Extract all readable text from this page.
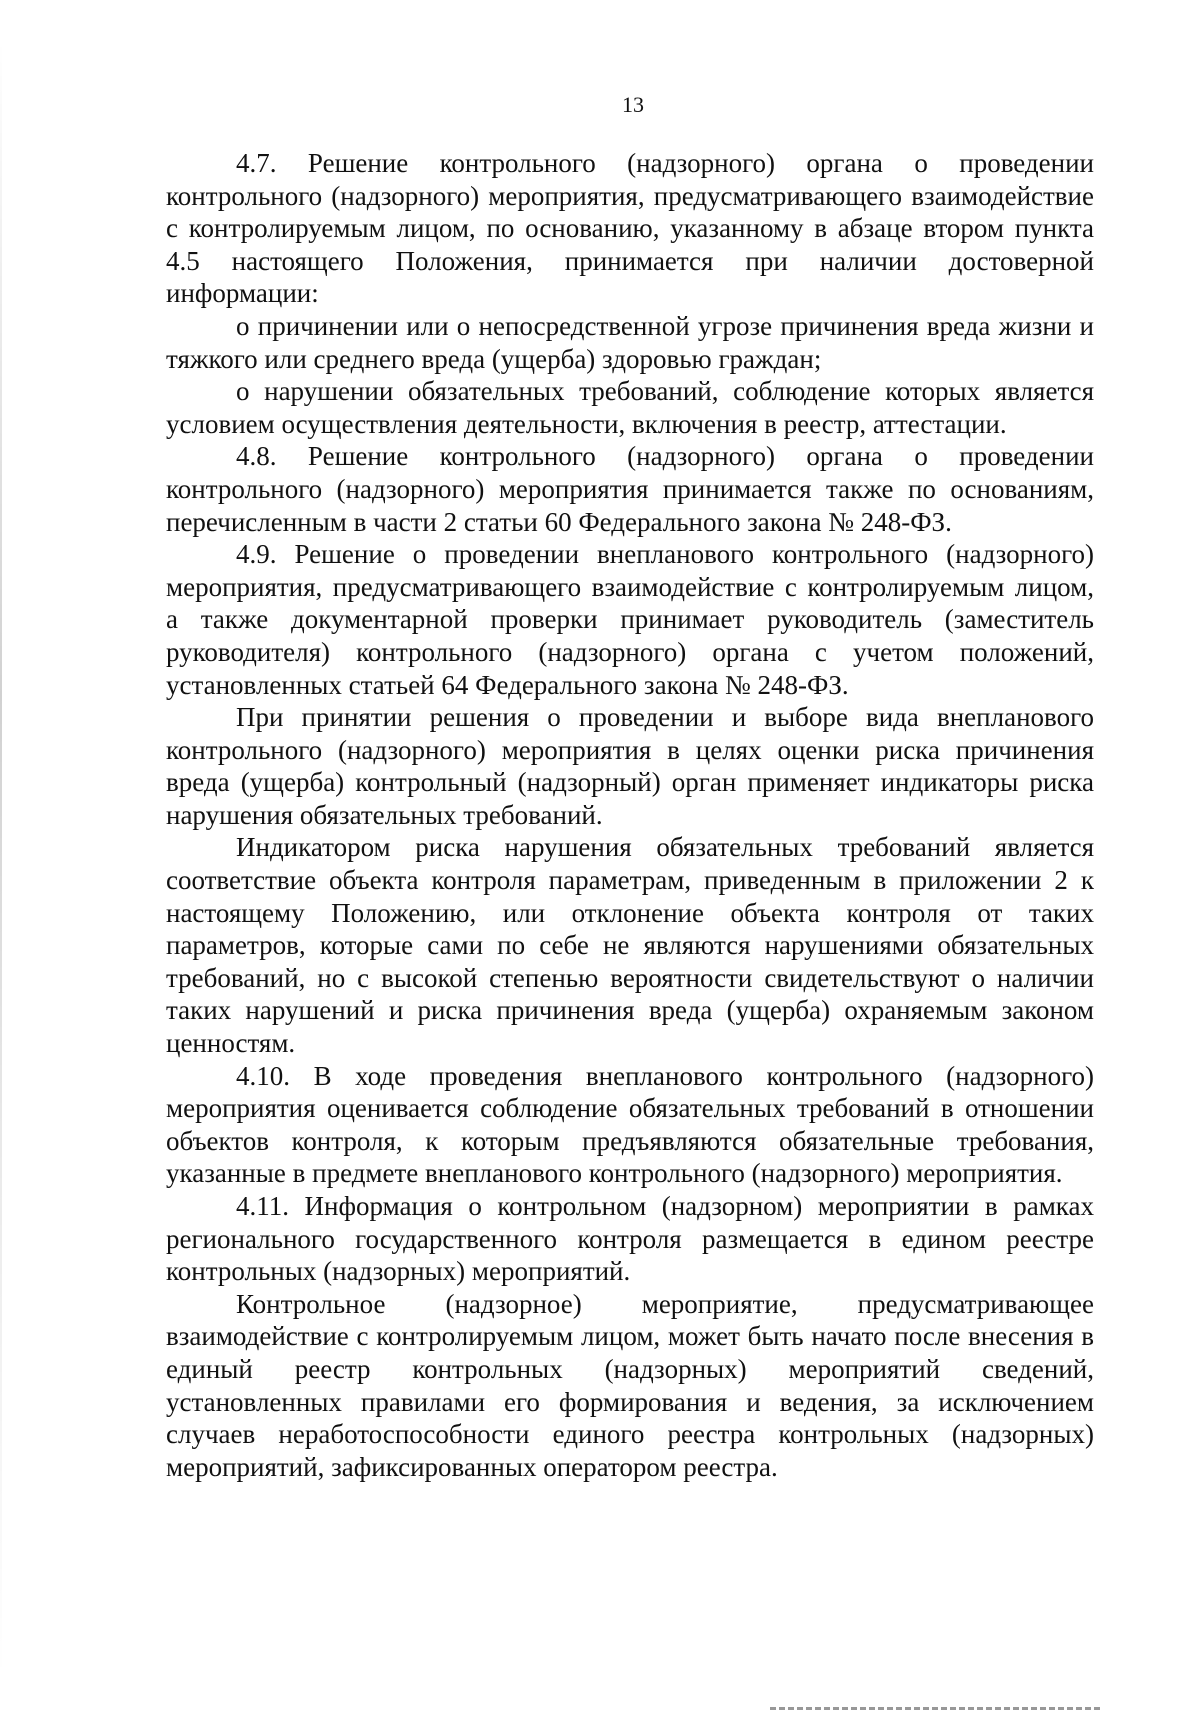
13

4.7. Решение контрольного (надзорного) органа о проведении контрольного (надзорного) мероприятия, предусматривающего взаимодействие с контролируемым лицом, по основанию, указанному в абзаце втором пункта 4.5 настоящего Положения, принимается при наличии достоверной информации:

о причинении или о непосредственной угрозе причинения вреда жизни и тяжкого или среднего вреда (ущерба) здоровью граждан;

о нарушении обязательных требований, соблюдение которых является условием осуществления деятельности, включения в реестр, аттестации.

4.8. Решение контрольного (надзорного) органа о проведении контрольного (надзорного) мероприятия принимается также по основаниям, перечисленным в части 2 статьи 60 Федерального закона № 248-ФЗ.

4.9. Решение о проведении внепланового контрольного (надзорного) мероприятия, предусматривающего взаимодействие с контролируемым лицом, а также документарной проверки принимает руководитель (заместитель руководителя) контрольного (надзорного) органа с учетом положений, установленных статьей 64 Федерального закона № 248-ФЗ.

При принятии решения о проведении и выборе вида внепланового контрольного (надзорного) мероприятия в целях оценки риска причинения вреда (ущерба) контрольный (надзорный) орган применяет индикаторы риска нарушения обязательных требований.

Индикатором риска нарушения обязательных требований является соответствие объекта контроля параметрам, приведенным в приложении 2 к настоящему Положению, или отклонение объекта контроля от таких параметров, которые сами по себе не являются нарушениями обязательных требований, но с высокой степенью вероятности свидетельствуют о наличии таких нарушений и риска причинения вреда (ущерба) охраняемым законом ценностям.

4.10. В ходе проведения внепланового контрольного (надзорного) мероприятия оценивается соблюдение обязательных требований в отношении объектов контроля, к которым предъявляются обязательные требования, указанные в предмете внепланового контрольного (надзорного) мероприятия.

4.11. Информация о контрольном (надзорном) мероприятии в рамках регионального государственного контроля размещается в едином реестре контрольных (надзорных) мероприятий.

Контрольное (надзорное) мероприятие, предусматривающее взаимодействие с контролируемым лицом, может быть начато после внесения в единый реестр контрольных (надзорных) мероприятий сведений, установленных правилами его формирования и ведения, за исключением случаев неработоспособности единого реестра контрольных (надзорных) мероприятий, зафиксированных оператором реестра.
